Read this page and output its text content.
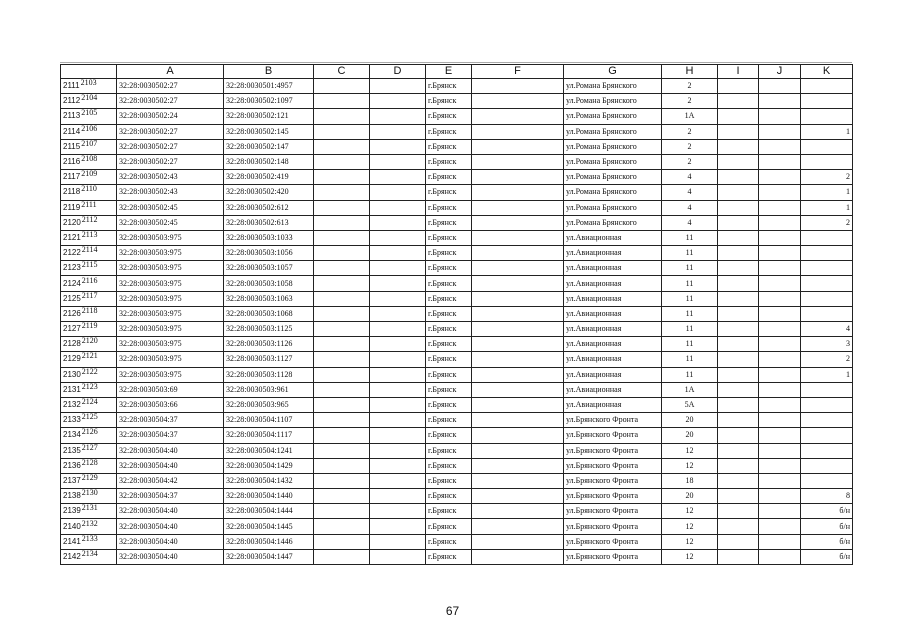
	A	B	C	D	E	F	G	H	I	J	K
21112103	32:28:0030502:27	32:28:0030501:4957			г.Брянск		ул.Романа Брянского	2			
21122104	32:28:0030502:27	32:28:0030502:1097			г.Брянск		ул.Романа Брянского	2			
21132105	32:28:0030502:24	32:28:0030502:121			г.Брянск		ул.Романа Брянского	1А			
21142106	32:28:0030502:27	32:28:0030502:145			г.Брянск		ул.Романа Брянского	2			1
21152107	32:28:0030502:27	32:28:0030502:147			г.Брянск		ул.Романа Брянского	2			
21162108	32:28:0030502:27	32:28:0030502:148			г.Брянск		ул.Романа Брянского	2			
21172109	32:28:0030502:43	32:28:0030502:419			г.Брянск		ул.Романа Брянского	4			2
21182110	32:28:0030502:43	32:28:0030502:420			г.Брянск		ул.Романа Брянского	4			1
21192111	32:28:0030502:45	32:28:0030502:612			г.Брянск		ул.Романа Брянского	4			1
21202112	32:28:0030502:45	32:28:0030502:613			г.Брянск		ул.Романа Брянского	4			2
21212113	32:28:0030503:975	32:28:0030503:1033			г.Брянск		ул.Авиационная	11			
21222114	32:28:0030503:975	32:28:0030503:1056			г.Брянск		ул.Авиационная	11			
21232115	32:28:0030503:975	32:28:0030503:1057			г.Брянск		ул.Авиационная	11			
21242116	32:28:0030503:975	32:28:0030503:1058			г.Брянск		ул.Авиационная	11			
21252117	32:28:0030503:975	32:28:0030503:1063			г.Брянск		ул.Авиационная	11			
21262118	32:28:0030503:975	32:28:0030503:1068			г.Брянск		ул.Авиационная	11			
21272119	32:28:0030503:975	32:28:0030503:1125			г.Брянск		ул.Авиационная	11			4
21282120	32:28:0030503:975	32:28:0030503:1126			г.Брянск		ул.Авиационная	11			3
21292121	32:28:0030503:975	32:28:0030503:1127			г.Брянск		ул.Авиационная	11			2
21302122	32:28:0030503:975	32:28:0030503:1128			г.Брянск		ул.Авиационная	11			1
21312123	32:28:0030503:69	32:28:0030503:961			г.Брянск		ул.Авиационная	1А			
21322124	32:28:0030503:66	32:28:0030503:965			г.Брянск		ул.Авиационная	5А			
21332125	32:28:0030504:37	32:28:0030504:1107			г.Брянск		ул.Брянского Фронта	20			
21342126	32:28:0030504:37	32:28:0030504:1117			г.Брянск		ул.Брянского Фронта	20			
21352127	32:28:0030504:40	32:28:0030504:1241			г.Брянск		ул.Брянского Фронта	12			
21362128	32:28:0030504:40	32:28:0030504:1429			г.Брянск		ул.Брянского Фронта	12			
21372129	32:28:0030504:42	32:28:0030504:1432			г.Брянск		ул.Брянского Фронта	18			
21382130	32:28:0030504:37	32:28:0030504:1440			г.Брянск		ул.Брянского Фронта	20			8
21392131	32:28:0030504:40	32:28:0030504:1444			г.Брянск		ул.Брянского Фронта	12			б/н
21402132	32:28:0030504:40	32:28:0030504:1445			г.Брянск		ул.Брянского Фронта	12			б/н
21412133	32:28:0030504:40	32:28:0030504:1446			г.Брянск		ул.Брянского Фронта	12			б/н
21422134	32:28:0030504:40	32:28:0030504:1447			г.Брянск		ул.Брянского Фронта	12			б/н
67
